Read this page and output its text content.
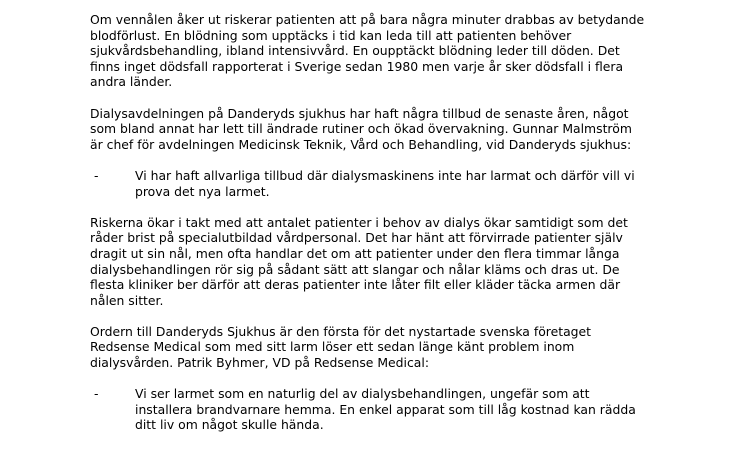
Om vennålen åker ut riskerar patienten att på bara några minuter drabbas av betydande
blodförlust. En blödning som upptäcks i tid kan leda till att patienten behöver
sjukvårdsbehandling, ibland intensivvård. En oupptäckt blödning leder till döden. Det
finns inget dödsfall rapporterat i Sverige sedan 1980 men varje år sker dödsfall i flera
andra länder.

Dialysavdelningen på Danderyds sjukhus har haft några tillbud de senaste åren, något
som bland annat har lett till ändrade rutiner och ökad övervakning. Gunnar Malmström
är chef för avdelningen Medicinsk Teknik, Vård och Behandling, vid Danderyds sjukhus:

-	Vi har haft allvarliga tillbud där dialysmaskinens inte har larmat och därför vill vi
prova det nya larmet.

Riskerna ökar i takt med att antalet patienter i behov av dialys ökar samtidigt som det
råder brist på specialutbildad vårdpersonal. Det har hänt att förvirrade patienter själv
dragit ut sin nål, men ofta handlar det om att patienter under den flera timmar långa
dialysbehandlingen rör sig på sådant sätt att slangar och nålar kläms och dras ut. De
flesta kliniker ber därför att deras patienter inte låter filt eller kläder täcka armen där
nålen sitter.

Ordern till Danderyds Sjukhus är den första för det nystartade svenska företaget
Redsense Medical som med sitt larm löser ett sedan länge känt problem inom
dialysvården. Patrik Byhmer, VD på Redsense Medical:

-	Vi ser larmet som en naturlig del av dialysbehandlingen, ungefär som att
installera brandvarnare hemma. En enkel apparat som till låg kostnad kan rädda
ditt liv om något skulle hända.
